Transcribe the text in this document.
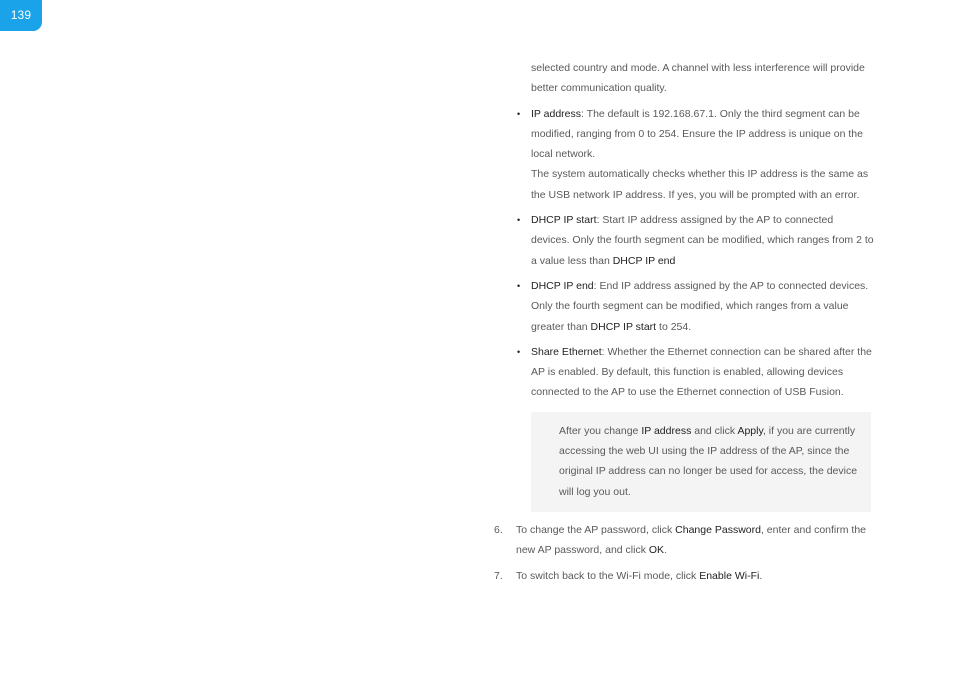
139

selected country and mode. A channel with less interference will provide better communication quality.

• IP address: The default is 192.168.67.1. Only the third segment can be modified, ranging from 0 to 254. Ensure the IP address is unique on the local network.
The system automatically checks whether this IP address is the same as the USB network IP address. If yes, you will be prompted with an error.
• DHCP IP start: Start IP address assigned by the AP to connected devices. Only the fourth segment can be modified, which ranges from 2 to a value less than DHCP IP end
• DHCP IP end: End IP address assigned by the AP to connected devices. Only the fourth segment can be modified, which ranges from a value greater than DHCP IP start to 254.
• Share Ethernet: Whether the Ethernet connection can be shared after the AP is enabled. By default, this function is enabled, allowing devices connected to the AP to use the Ethernet connection of USB Fusion.
After you change IP address and click Apply, if you are currently accessing the web UI using the IP address of the AP, since the original IP address can no longer be used for access, the device will log you out.
6. To change the AP password, click Change Password, enter and confirm the new AP password, and click OK.
7. To switch back to the Wi-Fi mode, click Enable Wi-Fi.
